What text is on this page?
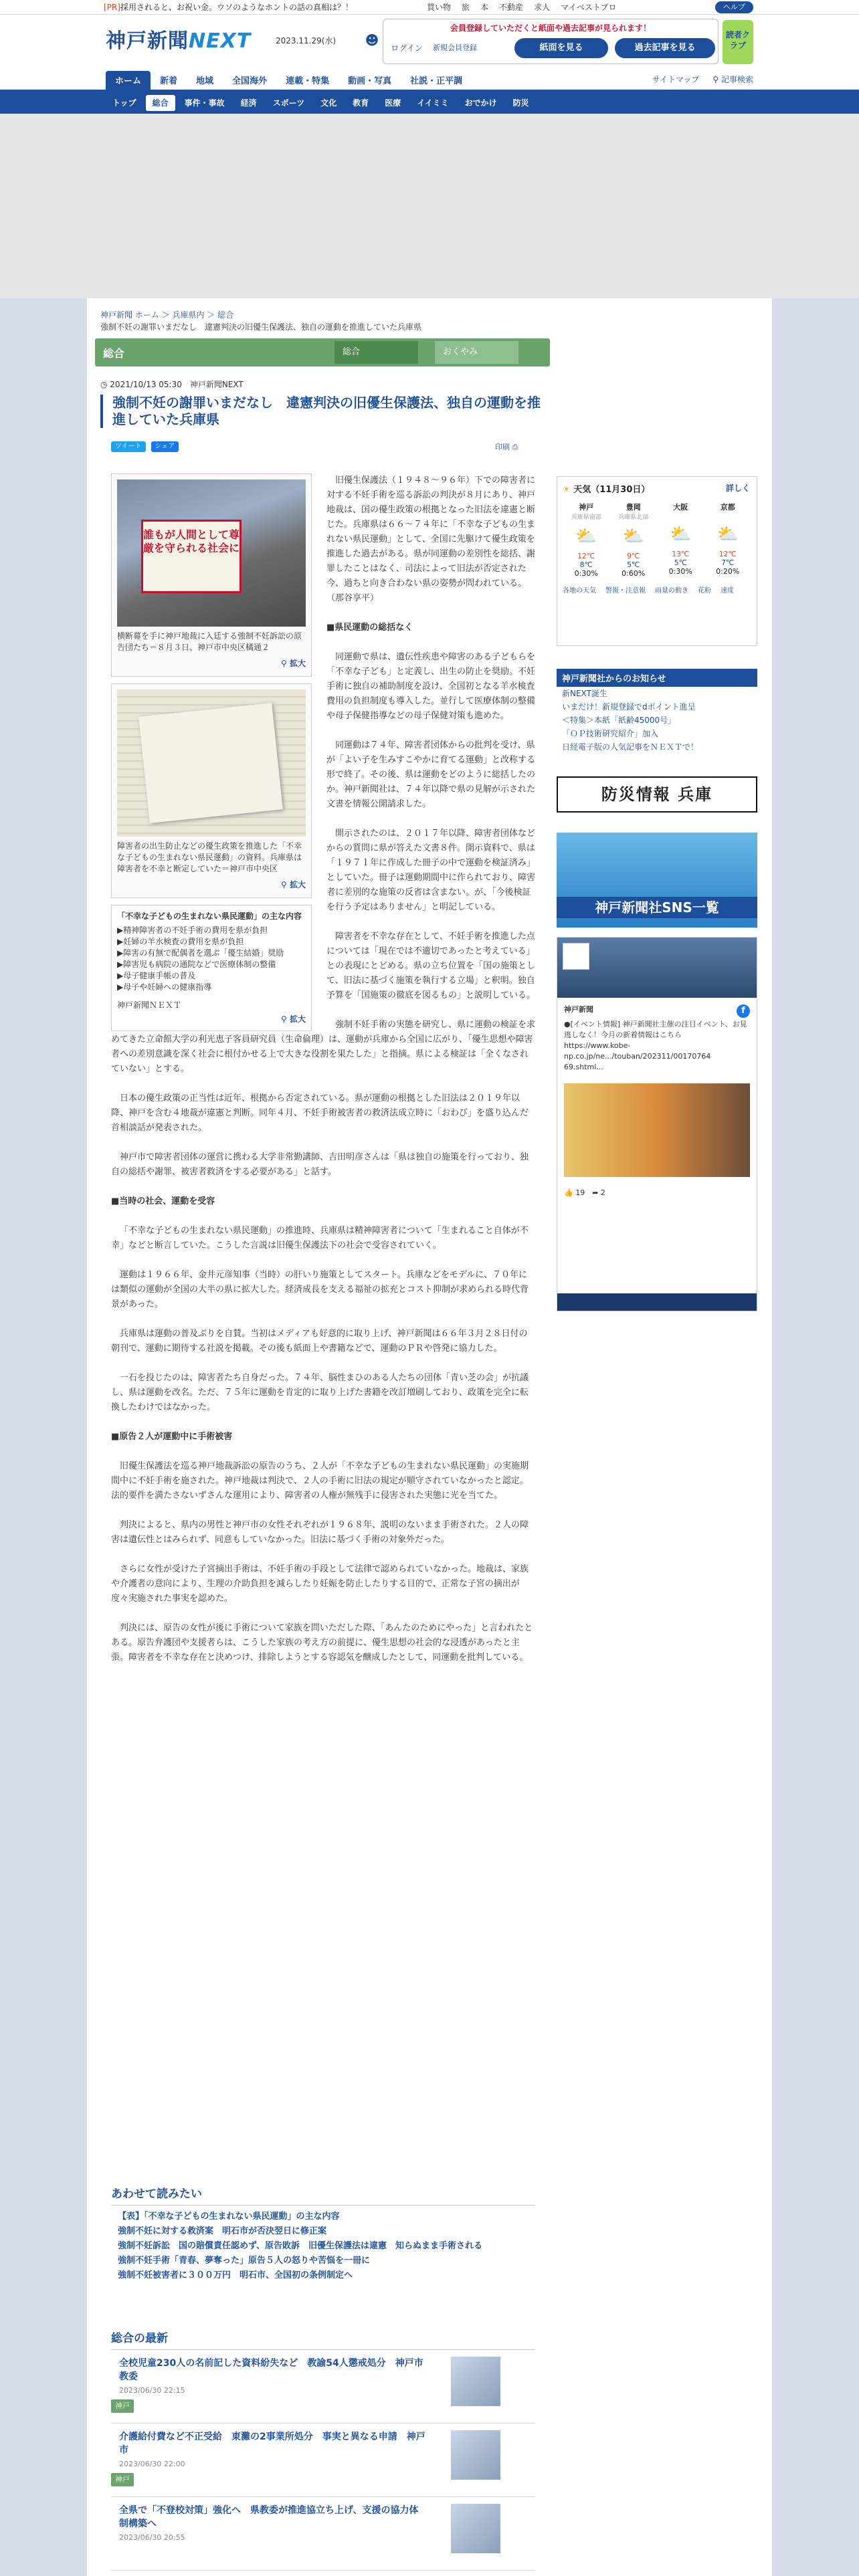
[PR]採用されると、お祝い金。ウソのようなホントの話の真相は？！	買い物 旅 本 不動産 求人 マイベストプロ	ヘルプ
神戸新聞NEXT	2023.11.29(水) ☻
会員登録していただくと紙面や過去記事が見られます！
ログイン 新規会員登録	紙面を見る	過去記事を見る
読者クラブ
ホーム	新着	地域	全国海外	連載・特集	動画・写真	社説・正平調	サイトマップ ⚲ 記事検索
トップ	総合	事件・事故	経済	スポーツ	文化	教育	医療	イイミミ	おでかけ	防災
神戸新聞 ホーム ＞ 兵庫県内 ＞ 総合
強制不妊の謝罪いまだなし　違憲判決の旧優生保護法、独自の運動を推進していた兵庫県
総合	総合	おくやみ
◷ 2021/10/13 05:30　神戸新聞NEXT
強制不妊の謝罪いまだなし　違憲判決の旧優生保護法、独自の運動を推進していた兵庫県
ツイート	シェア	印刷 ⎙
誰もが人間として尊厳を守られる社会に
横断幕を手に神戸地裁に入廷する強制不妊訴訟の原告団たち＝８月３日、神戸市中央区橘通２
⚲ 拡大
障害者の出生防止などの優生政策を推進した「不幸な子どもの生まれない県民運動」の資料。兵庫県は障害者を不幸と断定していた＝神戸市中央区
⚲ 拡大
「不幸な子どもの生まれない県民運動」の主な内容
▶精神障害者の不妊手術の費用を県が負担
▶妊婦の羊水検査の費用を県が負担
▶障害の有無で配偶者を選ぶ「優生結婚」奨励
▶障害児も病院の通院などで医療体制の整備
▶母子健康手帳の普及
▶母子や妊婦への健康指導
神戸新聞ＮＥＸＴ
⚲ 拡大

旧優生保護法（１９４８〜９６年）下での障害者に対する不妊手術を巡る訴訟の判決が８月にあり、神戸地裁は、国の優生政策の根拠となった旧法を違憲と断じた。兵庫県は６６〜７４年に「不幸な子どもの生まれない県民運動」として、全国に先駆けて優生政策を推進した過去がある。県が同運動の差別性を総括、謝罪したことはなく、司法によって旧法が否定された今、過ちと向き合わない県の姿勢が問われている。（那谷享平）

■県民運動の総括なく

同運動で県は、遺伝性疾患や障害のある子どもらを「不幸な子ども」と定義し、出生の防止を奨励。不妊手術に独自の補助制度を設け、全国初となる羊水検査費用の負担制度も導入した。並行して医療体制の整備や母子保健指導などの母子保健対策も進めた。

同運動は７４年、障害者団体からの批判を受け、県が「よい子を生みすこやかに育てる運動」と改称する形で終了。その後、県は運動をどのように総括したのか。神戸新聞社は、７４年以降で県の見解が示された文書を情報公開請求した。

開示されたのは、２０１７年以降、障害者団体などからの質問に県が答えた文書８件。開示資料で、県は「１９７１年に作成した冊子の中で運動を検証済み」としていた。冊子は運動期間中に作られており、障害者に差別的な施策の反省は含まない。が、「今後検証を行う予定はありません」と明記している。

障害者を不幸な存在として、不妊手術を推進した点については「現在では不適切であったと考えている」との表現にとどめる。県の立ち位置を「国の施策として、旧法に基づく施策を執行する立場」と釈明。独自予算を「国施策の徹底を図るもの」と説明している。

強制不妊手術の実態を研究し、県に運動の検証を求めてきた立命館大学の利光恵子客員研究員（生命倫理）は、運動が兵庫から全国に広がり、「優生思想や障害者への差別意識を深く社会に根付かせる上で大きな役割を果たした」と指摘。県による検証は「全くなされていない」とする。

日本の優生政策の正当性は近年、根拠から否定されている。県が運動の根拠とした旧法は２０１９年以降、神戸を含む４地裁が違憲と判断。同年４月、不妊手術被害者の救済法成立時に「おわび」を盛り込んだ首相談話が発表された。

神戸市で障害者団体の運営に携わる大学非常勤講師、吉田明彦さんは「県は独自の施策を行っており、独自の総括や謝罪、被害者救済をする必要がある」と話す。

■当時の社会、運動を受容

「不幸な子どもの生まれない県民運動」の推進時、兵庫県は精神障害者について「生まれること自体が不幸」などと断言していた。こうした言説は旧優生保護法下の社会で受容されていく。

運動は１９６６年、金井元彦知事（当時）の肝いり施策としてスタート。兵庫などをモデルに、７０年には類似の運動が全国の大半の県に拡大した。経済成長を支える福祉の拡充とコスト抑制が求められる時代背景があった。

兵庫県は運動の普及ぶりを自賛。当初はメディアも好意的に取り上げ、神戸新聞は６６年３月２８日付の朝刊で、運動に期待する社説を掲載。その後も紙面上や書籍などで、運動のＰＲや啓発に協力した。

一石を投じたのは、障害者たち自身だった。７４年、脳性まひのある人たちの団体「青い芝の会」が抗議し、県は運動を改名。ただ、７５年に運動を肯定的に取り上げた書籍を改訂増刷しており、政策を完全に転換したわけではなかった。

■原告２人が運動中に手術被害

旧優生保護法を巡る神戸地裁訴訟の原告のうち、２人が「不幸な子どもの生まれない県民運動」の実施期間中に不妊手術を施された。神戸地裁は判決で、２人の手術に旧法の規定が順守されていなかったと認定。法的要件を満たさないずさんな運用により、障害者の人権が無残手に侵害された実態に光を当てた。

判決によると、県内の男性と神戸市の女性それぞれが１９６８年、説明のないまま手術された。２人の障害は遺伝性とはみられず、同意もしていなかった。旧法に基づく手術の対象外だった。

さらに女性が受けた子宮摘出手術は、不妊手術の手段として法律で認められていなかった。地裁は、家族や介護者の意向により、生理の介助負担を減らしたり妊娠を防止したりする目的で、正常な子宮の摘出が度々実施された事実を認めた。

判決には、原告の女性が後に手術について家族を問いただした際、「あんたのためにやった」と言われたとある。原告弁護団や支援者らは、こうした家族の考え方の前提に、優生思想の社会的な浸透があったと主張。障害者を不幸な存在と決めつけ、排除しようとする容認気を醸成したとして、同運動を批判している。

あわせて読みたい
【表】「不幸な子どもの生まれない県民運動」の主な内容
強制不妊に対する救済案　明石市が否決翌日に修正案
強制不妊訴訟　国の賠償責任認めず、原告敗訴　旧優生保護法は違憲　知らぬまま手術される
強制不妊手術「青春、夢奪った」原告５人の怒りや苦悩を一冊に
強制不妊被害者に３００万円　明石市、全国初の条例制定へ
総合の最新
全校児童230人の名前記した資料紛失など　教諭54人懲戒処分　神戸市教委
2023/06/30 22:15
神戸
介護給付費など不正受給　東灘の2事業所処分　事実と異なる申請　神戸市
2023/06/30 22:00
神戸
全県で「不登校対策」強化へ　県教委が推進協立ち上げ、支援の協力体制構築へ
2023/06/30 20:55
☀ 天気（11月30日）	詳しく
神戸
兵庫県南部
⛅
12℃
8℃
0:30%
豊岡
兵庫県北部
⛅
9℃
5℃
0:60%
大阪

⛅
13℃
5℃
0:30%
京都

⛅
12℃
7℃
0:20%
各地の天気 警報・注意報 雨量の動き 花粉 速度
神戸新聞社からのお知らせ
新NEXT誕生
いまだけ！新規登録でdポイント進呈
＜特集＞本紙「紙齢45000号」
「ＯＰ技術研究紹介」加入
日経電子版の人気記事をＮＥＸＴで！
防災情報 兵庫
神戸新聞社SNS一覧
f
神戸新聞
●[イベント情報] 神戸新聞社主催の注目イベント、お見逃しなく！今月の新着情報はこちら https://www.kobe-np.co.jp/ne.../touban/202311/00170764 69.shtml...
👍 19　 ➦ 2
